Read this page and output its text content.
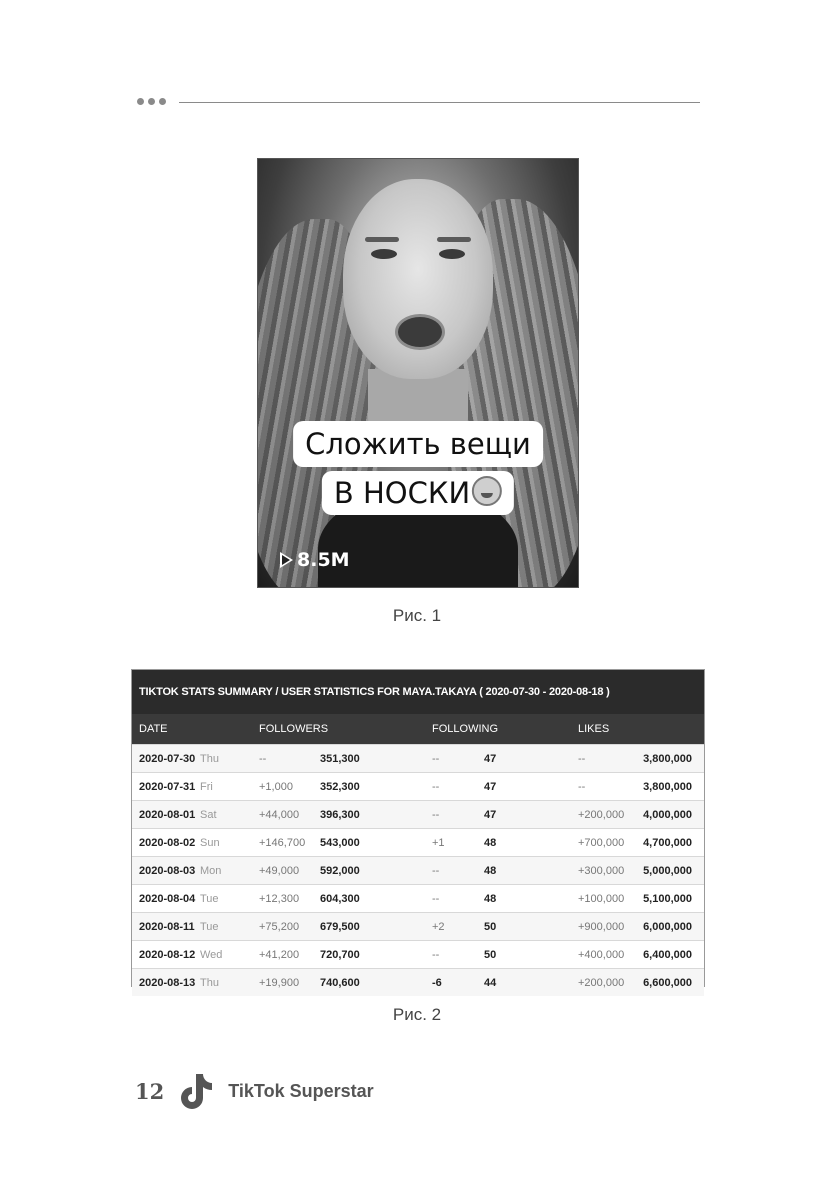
Сложить вещи
В НОСКИ
8.5M
Рис. 1
TIKTOK STATS SUMMARY / USER STATISTICS FOR MAYA.TAKAYA ( 2020-07-30 - 2020-08-18 )
DATE	FOLLOWERS	FOLLOWING	LIKES
2020-07-30 Thu	--	351,300	--	47	--	3,800,000
2020-07-31 Fri	+1,000 352,300	--	47	--	3,800,000
2020-08-01 Sat	+44,000 396,300	--	47	+200,000 4,000,000
2020-08-02 Sun	+146,700 543,000	+1	48	+700,000 4,700,000
2020-08-03 Mon	+49,000 592,000	--	48	+300,000 5,000,000
2020-08-04 Tue	+12,300 604,300	--	48	+100,000 5,100,000
2020-08-11 Tue	+75,200 679,500	+2	50	+900,000 6,000,000
2020-08-12 Wed	+41,200 720,700	--	50	+400,000 6,400,000
2020-08-13 Thu	+19,900 740,600	-6	44	+200,000 6,600,000
Рис. 2
12	TikTok Superstar
